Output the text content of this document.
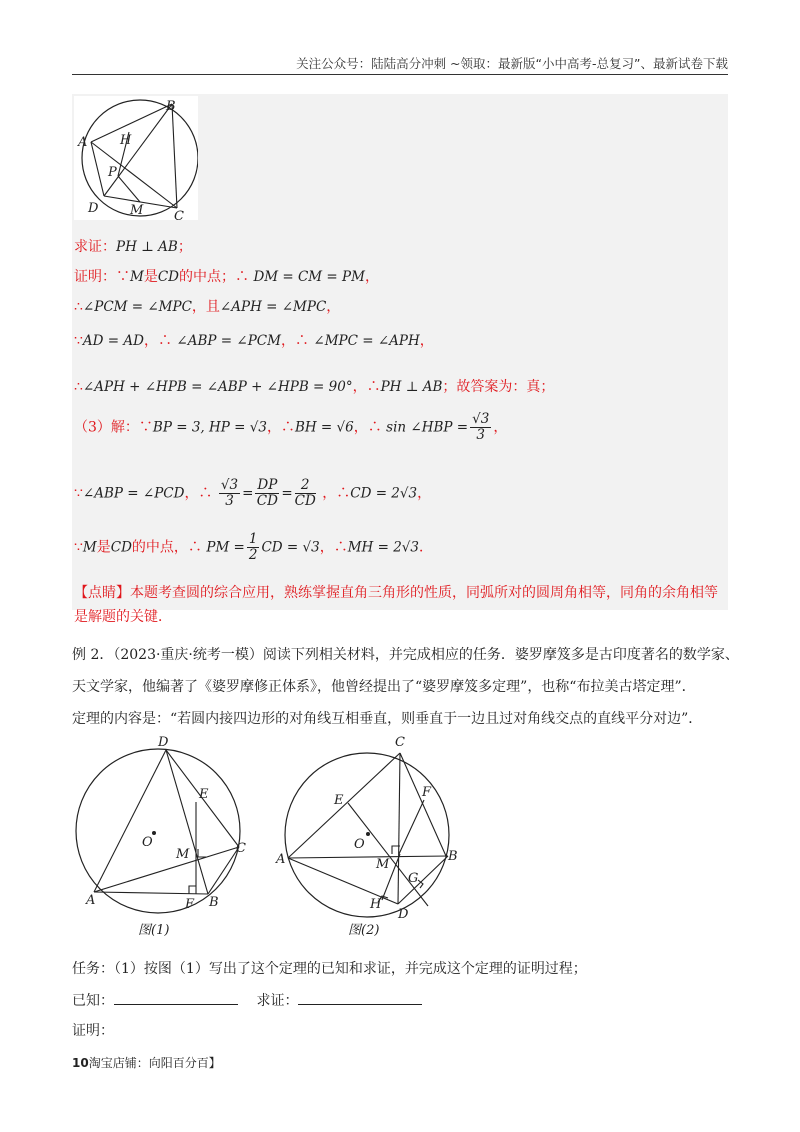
关注公众号：陆陆高分冲刺 ~领取：最新版“小中高考-总复习”、最新试卷下载
A
B
H
P
D M C
求证：PH ⊥ AB；
证明：∵M是CD的中点；∴ DM = CM = PM，
∴∠PCM = ∠MPC，且∠APH = ∠MPC，
∵AD = AD，∴ ∠ABP = ∠PCM，∴ ∠MPC = ∠APH，
∴∠APH + ∠HPB = ∠ABP + ∠HPB = 90°，∴PH ⊥ AB；故答案为：真；
（3）解：∵BP = 3, HP = √3，∴BH = √6，∴ sin ∠HBP = $\frac{√3}{3}$ ，
∵∠ABP = ∠PCD，∴ $\frac{√3}{3} = \frac{DP}{CD} = \frac{2}{CD}$ ，∴CD = 2√3，
∵M是CD的中点，∴ PM = $\frac{1}{2}$ CD = √3，∴MH = 2√3．
【点睛】本题考查圆的综合应用，熟练掌握直角三角形的性质，同弧所对的圆周角相等，同角的余角相等
是解题的关键．
例 2．（2023·重庆·统考一模）阅读下列相关材料，并完成相应的任务．婆罗摩笈多是古印度著名的数学家、
天文学家，他编著了《婆罗摩修正体系》，他曾经提出了“婆罗摩笈多定理”，也称“布拉美古塔定理”．
定理的内容是：“若圆内接四边形的对角线互相垂直，则垂直于一边且过对角线交点的直线平分对边”．
D
E
O
M	C
A	F B
图(1)
C
E
F
O
A	M
B
G
H
D
图(2)
任务：（1）按图（1）写出了这个定理的已知和求证，并完成这个定理的证明过程；
已知：	求证：
证明：
10淘宝店铺：向阳百分百】
